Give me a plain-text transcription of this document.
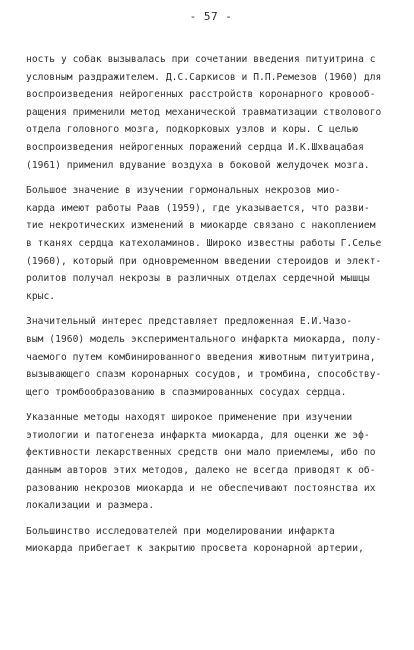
- 57 -
ность у собак вызывалась при сочетании введения питуитрина с
условным раздражителем. Д.С.Саркисов и П.П.Ремезов (1960) для
воспроизведения нейрогенных расстройств коронарного кровооб-
ращения применили метод механической травматизации стволового
отдела головного мозга, подкорковых узлов и коры. С целью
воспроизведения нейрогенных поражений сердца И.К.Шхвацабая
(1961) применил вдувание воздуха в боковой желудочек мозга.
Большое значение в изучении гормональных некрозов мио-
карда имеют работы Раав (1959), где указывается, что разви-
тие некротических изменений в миокарде связано с накоплением
в тканях сердца катехоламинов. Широко известны работы Г.Селье
(1960), который при одновременном введении стероидов и элект-
ролитов получал некрозы в различных отделах сердечной мышцы
крыс.
Значительный интерес представляет предложенная Е.И.Чазо-
вым (1960) модель экспериментального инфаркта миокарда, полу-
чаемого путем комбинированного введения животным питуитрина,
вызывающего спазм коронарных сосудов, и тромбина, способству-
щего тромбообразованию в спазмированных сосудах сердца.
Указанные методы находят широкое применение при изучении
этиологии и патогенеза инфаркта миокарда, для оценки же эф-
фективности лекарственных средств они мало приемлемы, ибо по
данным авторов этих методов, далеко не всегда приводят к об-
разованию некрозов миокарда и не обеспечивают постоянства их
локализации и размера.
Большинство исследователей при моделировании инфаркта
миокарда прибегает к закрытию просвета коронарной артерии,
